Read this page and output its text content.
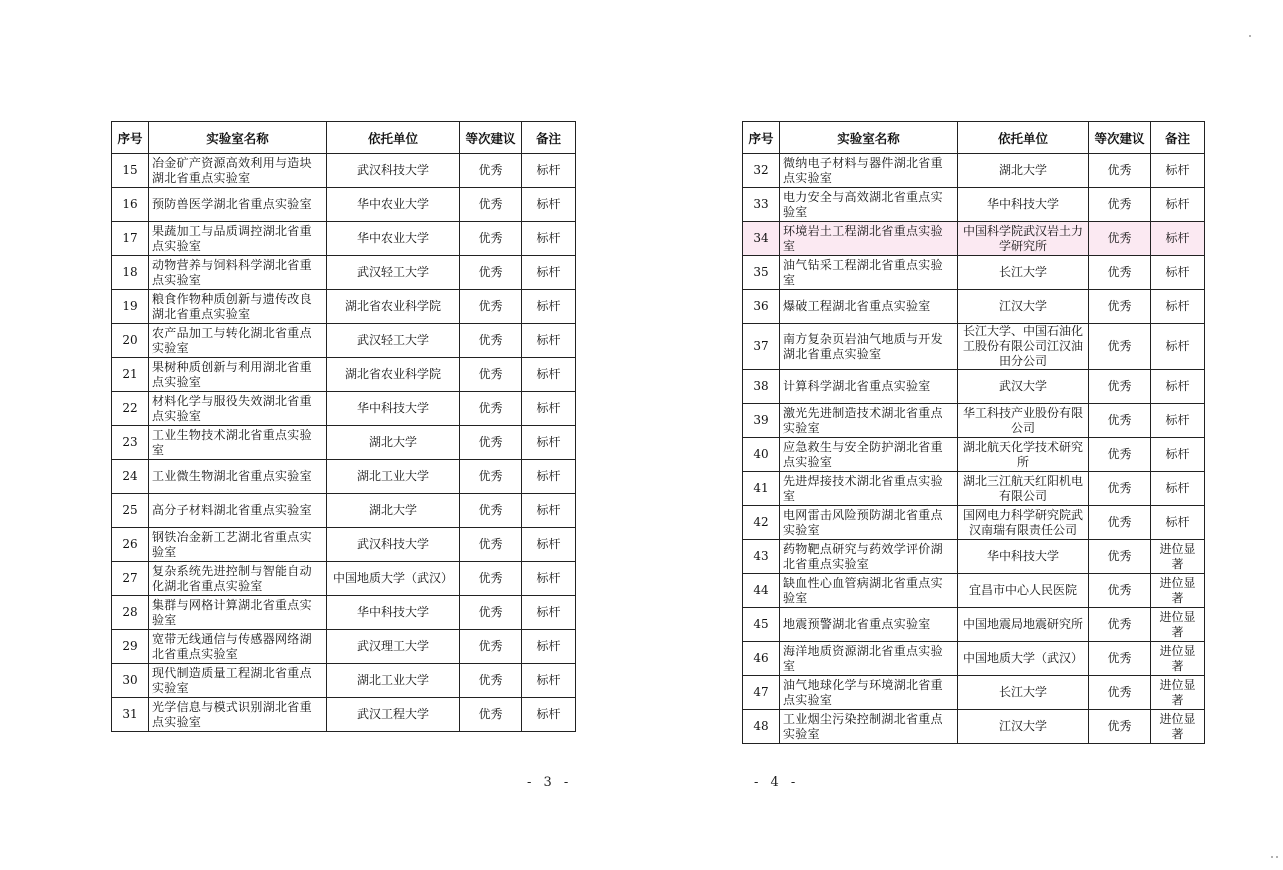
序号	实验室名称	依托单位	等次建议	备注
15	冶金矿产资源高效利用与造块湖北省重点实验室	武汉科技大学	优秀	标杆
16	预防兽医学湖北省重点实验室	华中农业大学	优秀	标杆
17	果蔬加工与品质调控湖北省重点实验室	华中农业大学	优秀	标杆
18	动物营养与饲料科学湖北省重点实验室	武汉轻工大学	优秀	标杆
19	粮食作物种质创新与遗传改良湖北省重点实验室	湖北省农业科学院	优秀	标杆
20	农产品加工与转化湖北省重点实验室	武汉轻工大学	优秀	标杆
21	果树种质创新与利用湖北省重点实验室	湖北省农业科学院	优秀	标杆
22	材料化学与服役失效湖北省重点实验室	华中科技大学	优秀	标杆
23	工业生物技术湖北省重点实验室	湖北大学	优秀	标杆
24	工业微生物湖北省重点实验室	湖北工业大学	优秀	标杆
25	高分子材料湖北省重点实验室	湖北大学	优秀	标杆
26	钢铁冶金新工艺湖北省重点实验室	武汉科技大学	优秀	标杆
27	复杂系统先进控制与智能自动化湖北省重点实验室	中国地质大学（武汉）	优秀	标杆
28	集群与网格计算湖北省重点实验室	华中科技大学	优秀	标杆
29	宽带无线通信与传感器网络湖北省重点实验室	武汉理工大学	优秀	标杆
30	现代制造质量工程湖北省重点实验室	湖北工业大学	优秀	标杆
31	光学信息与模式识别湖北省重点实验室	武汉工程大学	优秀	标杆
- 3 -
序号	实验室名称	依托单位	等次建议	备注
32	微纳电子材料与器件湖北省重点实验室	湖北大学	优秀	标杆
33	电力安全与高效湖北省重点实验室	华中科技大学	优秀	标杆
34	环境岩土工程湖北省重点实验室	中国科学院武汉岩土力学研究所	优秀	标杆
35	油气钻采工程湖北省重点实验室	长江大学	优秀	标杆
36	爆破工程湖北省重点实验室	江汉大学	优秀	标杆
37	南方复杂页岩油气地质与开发湖北省重点实验室	长江大学、中国石油化工股份有限公司江汉油田分公司	优秀	标杆
38	计算科学湖北省重点实验室	武汉大学	优秀	标杆
39	激光先进制造技术湖北省重点实验室	华工科技产业股份有限公司	优秀	标杆
40	应急救生与安全防护湖北省重点实验室	湖北航天化学技术研究所	优秀	标杆
41	先进焊接技术湖北省重点实验室	湖北三江航天红阳机电有限公司	优秀	标杆
42	电网雷击风险预防湖北省重点实验室	国网电力科学研究院武汉南瑞有限责任公司	优秀	标杆
43	药物靶点研究与药效学评价湖北省重点实验室	华中科技大学	优秀	进位显著
44	缺血性心血管病湖北省重点实验室	宜昌市中心人民医院	优秀	进位显著
45	地震预警湖北省重点实验室	中国地震局地震研究所	优秀	进位显著
46	海洋地质资源湖北省重点实验室	中国地质大学（武汉）	优秀	进位显著
47	油气地球化学与环境湖北省重点实验室	长江大学	优秀	进位显著
48	工业烟尘污染控制湖北省重点实验室	江汉大学	优秀	进位显著
- 4 -
